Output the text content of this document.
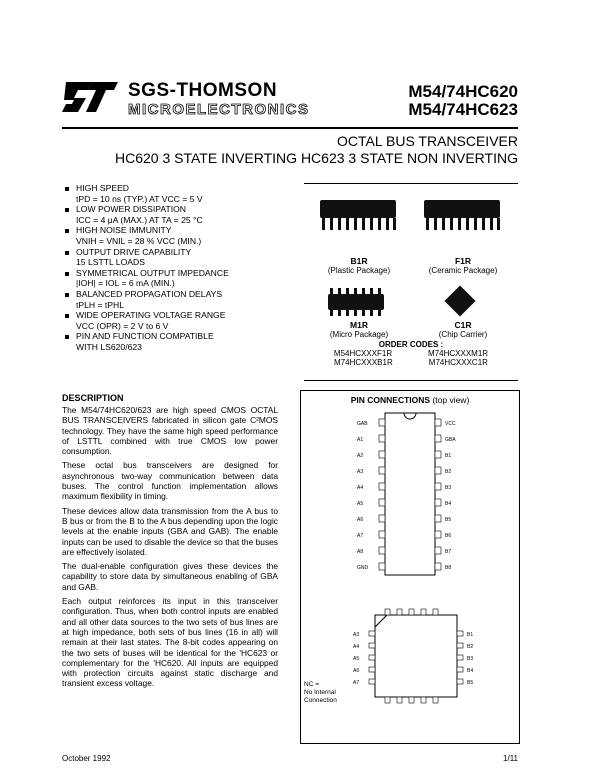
SGS-THOMSON
MICROELECTRONICS
M54/74HC620
M54/74HC623
OCTAL BUS TRANSCEIVER
HC620 3 STATE INVERTING HC623 3 STATE NON INVERTING
HIGH SPEED
tPD = 10 ns (TYP.) AT VCC = 5 V
LOW POWER DISSIPATION
ICC = 4 μA (MAX.) AT TA = 25 °C
HIGH NOISE IMMUNITY
VNIH = VNIL = 28 % VCC (MIN.)
OUTPUT DRIVE CAPABILITY
15 LSTTL LOADS
SYMMETRICAL OUTPUT IMPEDANCE
|IOH| = IOL = 6 mA (MIN.)
BALANCED PROPAGATION DELAYS
tPLH = tPHL
WIDE OPERATING VOLTAGE RANGE
VCC (OPR) = 2 V to 6 V
PIN AND FUNCTION COMPATIBLE
WITH LS620/623
B1R
(Plastic Package)
F1R
(Ceramic Package)
M1R
(Micro Package)
C1R
(Chip Carrier)
ORDER CODES :
M54HCXXXF1R	M74HCXXXM1R
M74HCXXXB1R	M74HCXXXC1R
DESCRIPTION

The M54/74HC620/623 are high speed CMOS OCTAL BUS TRANSCEIVERS fabricated in silicon gate C²MOS technology. They have the same high speed performance of LSTTL combined with true CMOS low power consumption.

These octal bus transceivers are designed for asynchronous two-way communication between data buses. The control function implementation allows maximum flexibility in timing.

These devices allow data transmission from the A bus to B bus or from the B to the A bus depending upon the logic levels at the enable inputs (GBA and GAB). The enable inputs can be used to disable the device so that the buses are effectively isolated.

The dual-enable configuration gives these devices the capability to store data by simultaneous enabling of GBA and GAB.

Each output reinforces its input in this transceiver configuration. Thus, when both control inputs are enabled and all other data sources to the two sets of bus lines are at high impedance, both sets of bus lines (16 in all) will remain at their last states. The 8-bit codes appearing on the two sets of buses will be identical for the 'HC623 or complementary for the 'HC620. All inputs are equipped with protection circuits against static discharge and transient excess voltage.

PIN CONNECTIONS (top view)
GAB
A1
A2
A3
A4
A5
A6
A7
A8
GND
VCC
GBA
B1
B2
B3
B4
B5
B6
B7
B8
A3
A4
A5
A6
A7
B1
B2
B3
B4
B5
NC =
No Internal
Connection
October 1992	1/11
